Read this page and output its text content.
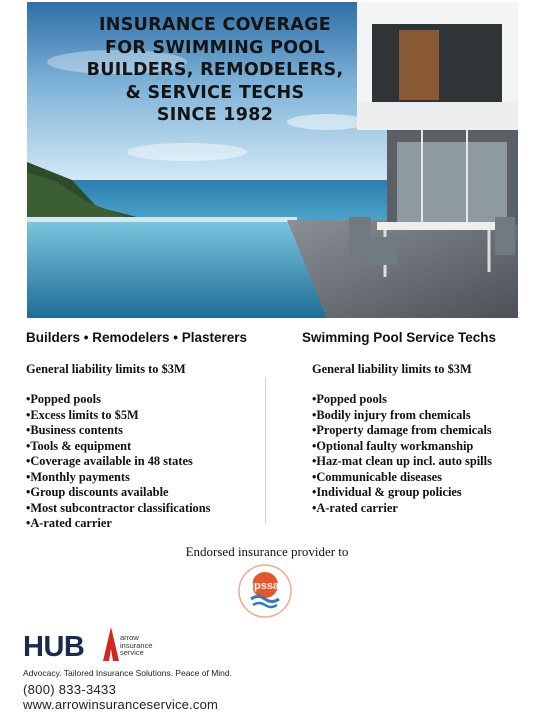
INSURANCE COVERAGE
FOR SWIMMING POOL
BUILDERS, REMODELERS,
& SERVICE TECHS
SINCE 1982
Builders • Remodelers • Plasterers	Swimming Pool Service Techs
General liability limits to $3M
• Popped pools
• Excess limits to $5M
• Business contents
• Tools & equipment
• Coverage available in 48 states
• Monthly payments
• Group discounts available
• Most subcontractor classifications
• A-rated carrier
General liability limits to $3M
• Popped pools
• Bodily injury from chemicals
• Property damage from chemicals
• Optional faulty workmanship
• Haz-mat clean up incl. auto spills
• Communicable diseases
• Individual & group policies
• A-rated carrier
Endorsed insurance provider to
ipssa
HUB	arrow
insurance
service
Advocacy. Tailored Insurance Solutions. Peace of Mind.
(800) 833-3433
www.arrowinsuranceservice.com
